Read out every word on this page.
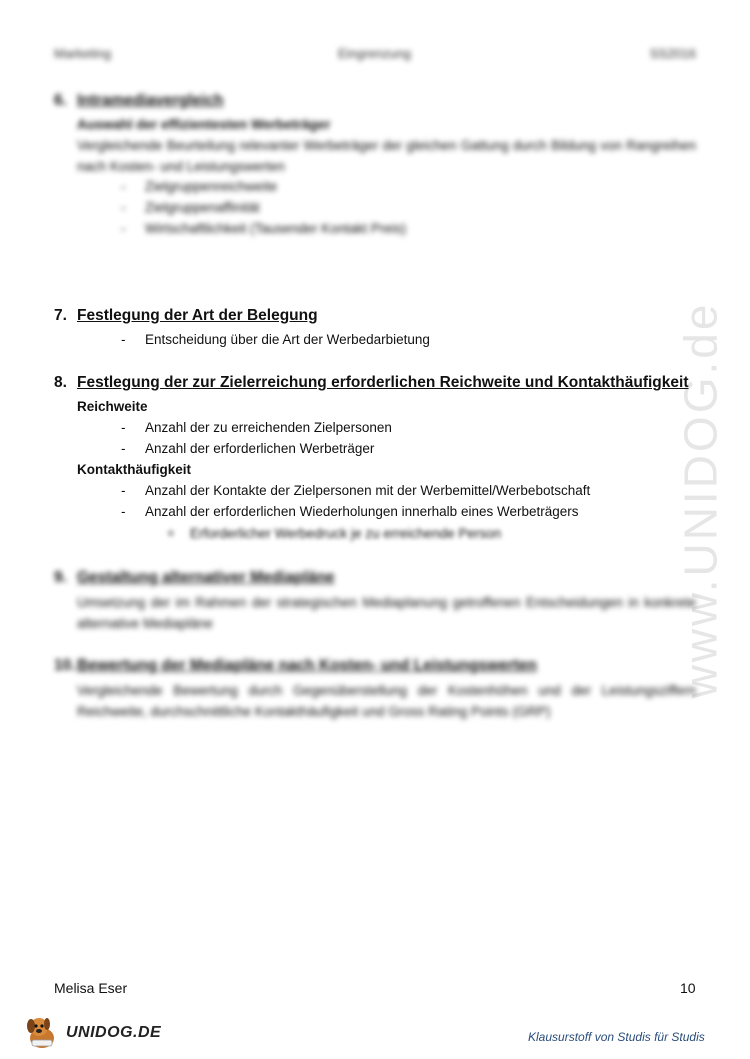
www.UNIDOG.de
Marketing	Eingrenzung	SS2016
6. Intramediavergleich
Auswahl der effizientesten Werbeträger
Vergleichende Beurteilung relevanter Werbeträger der gleichen Gattung durch Bildung von Rangreihen nach Kosten- und Leistungswerten
- Zielgruppenreichweite
- Zielgruppenaffinität
- Wirtschaftlichkeit (Tausender Kontakt Preis)
7. Festlegung der Art der Belegung
- Entscheidung über die Art der Werbedarbietung
8. Festlegung der zur Zielerreichung erforderlichen Reichweite und Kontakthäufigkeit
Reichweite
- Anzahl der zu erreichenden Zielpersonen
- Anzahl der erforderlichen Werbeträger
Kontakthäufigkeit
- Anzahl der Kontakte der Zielpersonen mit der Werbemittel/Werbebotschaft
- Anzahl der erforderlichen Wiederholungen innerhalb eines Werbeträgers
o Erforderlicher Werbedruck je zu erreichende Person
9. Gestaltung alternativer Mediapläne
Umsetzung der im Rahmen der strategischen Mediaplanung getroffenen Entscheidungen in konkrete alternative Mediapläne
10. Bewertung der Mediapläne nach Kosten- und Leistungswerten
Vergleichende Bewertung durch Gegenüberstellung der Kostenhöhen und der Leistungsziffern Reichweite, durchschnittliche Kontakthäufigkeit und Gross Rating Points (GRP)
Melisa Eser	10
UNIDOG.DE	Klausurstoff von Studis für Studis
